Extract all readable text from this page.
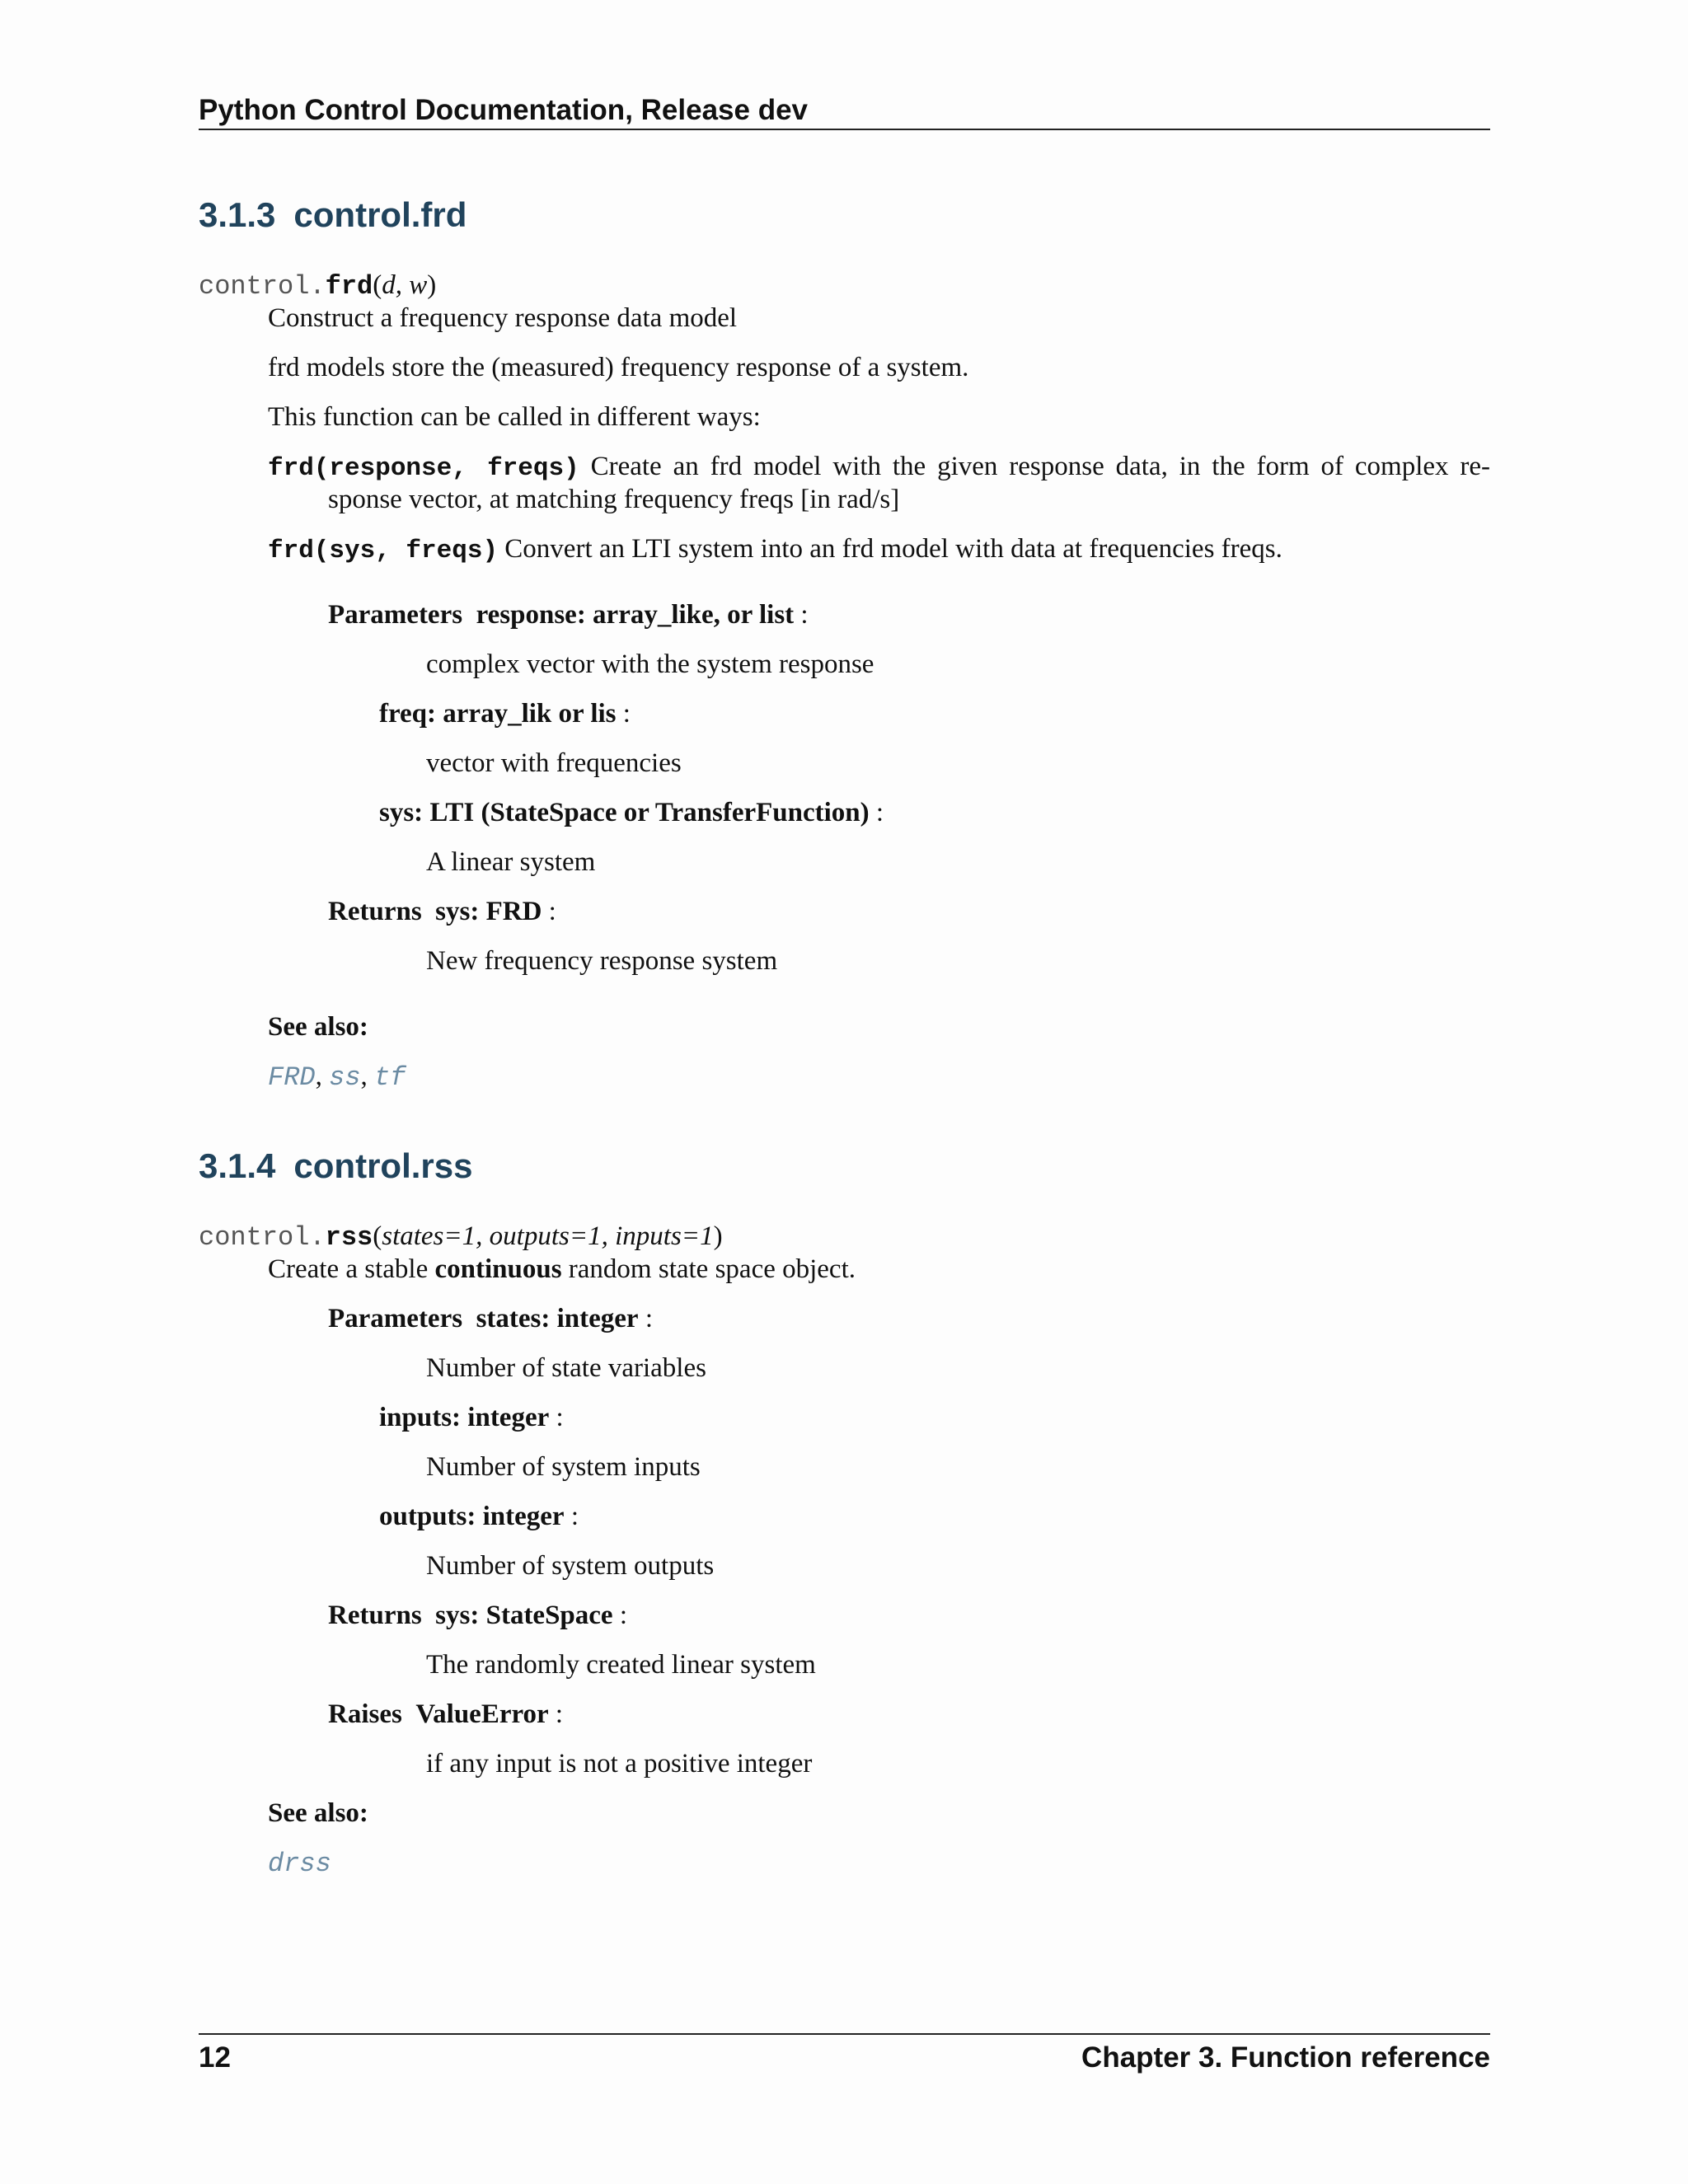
Python Control Documentation, Release dev
3.1.3 control.frd
control.frd(d, w)
Construct a frequency response data model
frd models store the (measured) frequency response of a system.
This function can be called in different ways:
frd(response, freqs) Create an frd model with the given response data, in the form of complex re-
sponse vector, at matching frequency freqs [in rad/s]
frd(sys, freqs) Convert an LTI system into an frd model with data at frequencies freqs.
Parameters response: array_like, or list :
complex vector with the system response
freq: array_lik or lis :
vector with frequencies
sys: LTI (StateSpace or TransferFunction) :
A linear system
Returns sys: FRD :
New frequency response system
See also:
FRD, ss, tf
3.1.4 control.rss
control.rss(states=1, outputs=1, inputs=1)
Create a stable continuous random state space object.
Parameters states: integer :
Number of state variables
inputs: integer :
Number of system inputs
outputs: integer :
Number of system outputs
Returns sys: StateSpace :
The randomly created linear system
Raises ValueError :
if any input is not a positive integer
See also:
drss
12	Chapter 3. Function reference
